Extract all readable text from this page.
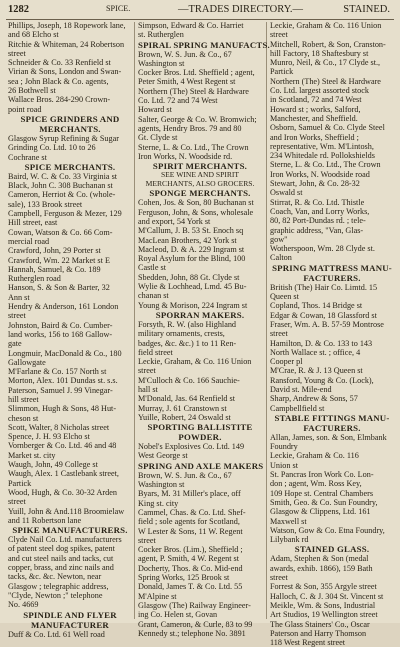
1282	SPICE.	—TRADES DIRECTORY.—	STAINED.

Phillips, Joseph, 18 Ropework lane,

and 68 Elcho st

Ritchie & Whiteman, 24 Robertson

street

Schneider & Co. 33 Renfield st

Virian & Sons, London and Swan-

sea ; John Black & Co. agents,

26 Bothwell st

Wallace Bros. 284-290 Crown-

point road

SPICE GRINDERS AND

MERCHANTS.

Glasgow Syrup Refining & Sugar

Grinding Co. Ltd. 10 to 26

Cochrane st

SPICE MERCHANTS.

Baird, W. C. & Co. 33 Virginia st

Black, John C. 308 Buchanan st

Cameron, Herriot & Co. (whole-

sale), 133 Brook street

Campbell, Ferguson & Mezer, 129

Hill street, east

Cowan, Watson & Co. 66 Com-

mercial road

Crawford, John, 29 Porter st

Crawford, Wm. 22 Market st E

Hannah, Samuel, & Co. 189

Rutherglen road

Hanson, S. & Son & Barter, 32

Ann st

Hendry & Anderson, 161 London

street

Johnston, Baird & Co. Cumber-

land works, 156 to 168 Gallow-

gate

Longmuir, MacDonald & Co., 180

Gallowgate

M'Farlane & Co. 157 North st

Morton, Alex. 101 Dundas st. s.s.

Paterson, Samuel J. 99 Vinegar-

hill street

Slimmon, Hugh & Sons, 48 Hut-

cheson st

Scott, Walter, 8 Nicholas street

Spence, J. H. 93 Elcho st

Vornberger & Co. Ltd. 46 and 48

Market st. city

Waugh, John, 49 College st

Waugh, Alex. 1 Castlebank street,

Partick

Wood, Hugh, & Co. 30-32 Arden

street

Yuill, John & And.118 Broomielaw

and 11 Robertson lane

SPIKE MANUFACTURERS.

Clyde Nail Co. Ltd. manufacturers

of patent steel dog spikes, patent

and cut steel nails and tacks, cut

copper, brass, and zinc nails and

tacks, &c. &c. Newton, near

Glasgow ; telegraphic address,

"Clyde, Newton ;" telephone

No. 4669

SPINDLE AND FLYER

MANUFACTURER

Duff & Co. Ltd. 61 Well road

Simpson, Edward & Co. Harriet

st. Rutherglen

SPIRAL SPRING MANUFACTS.

Brown, W. S. Jun. & Co., 67

Washington st

Cocker Bros. Ltd. Sheffield ; agent,

Peter Smith, 4 West Regent st

Northern (The) Steel & Hardware

Co. Ltd. 72 and 74 West

Howard st

Salter, George & Co. W. Bromwich;

agents, Hendry Bros. 79 and 80

Gt. Clyde st

Sterne, L. & Co. Ltd., The Crown

Iron Works, N. Woodside rd.

SPIRIT MERCHANTS.

SEE WINE AND SPIRIT

MERCHANTS, ALSO GROCERS.

SPONGE MERCHANTS.

Cohen, Jos. & Son, 80 Buchanan st

Ferguson, John, & Sons, wholesale

and export, 54 York st

M'Callum, J. B. 53 St. Enoch sq

MacLean Brothers, 42 York st

Macleod, D. & A. 229 Ingram st

Royal Asylum for the Blind, 100

Castle st

Sbedden, John, 88 Gt. Clyde st

Wylie & Lochhead, Lmd. 45 Bu-

chanan st

Young & Morison, 224 Ingram st

SPORRAN MAKERS.

Forsyth, R. W. (also Highland

military ornaments, crests,

badges, &c. &c.) 1 to 11 Ren-

field street

Leckie, Graham, & Co. 116 Union

street

M'Culloch & Co. 166 Sauchie-

hall st

M'Donald, Jas. 64 Renfield st

Murray, J. 61 Cranstown st

Yuille, Robert, 24 Oswald st

SPORTING BALLISTITE

POWDER.

Nobel's Explosives Co. Ltd. 149

West George st

SPRING AND AXLE MAKERS

Brown, W. S. Jun. & Co., 67

Washington st

Byars, M. 31 Miller's place, off

King st. city

Cammel, Chas. & Co. Ltd. Shef-

field ; sole agents for Scotland,

W Lester & Sons, 11 W. Regent

street

Cocker Bros. (Lim.), Sheffield ;

agent, P. Smith, 4 W. Regent st

Docherty, Thos. & Co. Mid-end

Spring Works, 125 Brook st

Donald, James T. & Co. Ltd. 55

M'Alpine st

Glasgow (The) Railway Engineer-

ing Co. Helen st, Govan

Grant, Cameron, & Curle, 83 to 99

Kennedy st.; telephone No. 3891

Leckie, Graham & Co. 116 Union

street

Mitchell, Robert, & Son, Cranston-

hill Factory, 18 Shaftesbury st

Munro, Neil, & Co., 17 Clyde st.,

Partick

Northern (The) Steel & Hardware

Co. Ltd. largest assorted stock

in Scotland, 72 and 74 West

Howard st ; works, Salford,

Manchester, and Sheffield.

Osborn, Samuel & Co. Clyde Steel

and Iron Works, Sheffield ;

representative, Wm. M'Lintosh,

234 Whitedale rd. Pollokshields

Sterne, L. & Co. Ltd., The Crown

Iron Works, N. Woodside road

Stewart, John, & Co. 28-32

Oswald st

Stirrat, R. & Co. Ltd. Thistle

Coach, Van, and Lorry Works,

80, 82 Port-Dundas rd. ; tele-

graphic address, "Van, Glas-

gow"

Wotherspoon, Wm. 28 Clyde st.

Calton

SPRING MATTRESS MANU-

FACTURERS.

British (The) Hair Co. Limtd. 15

Queen st

Copland, Thos. 14 Bridge st

Edgar & Cowan, 18 Glassford st

Fraser, Wm. A. B. 57-59 Montrose

street

Hamilton, D. & Co. 133 to 143

North Wallace st. ; office, 4

Cooper pl

M'Crae, R. & J. 13 Queen st

Ransford, Young & Co. (Lock),

David st. Mile-end

Sharp, Andrew & Sons, 57

Campbellfield st

STABLE FITTINGS MANU-

FACTURERS.

Allan, James, son. & Son, Elmbank

Foundry

Leckie, Graham & Co. 116

Union st

St. Pancras Iron Work Co. Lon-

don ; agent, Wm. Ross Key,

109 Hope st. Central Chambers

Smith, Geo. & Co. Sun Foundry,

Glasgow & Clippens, Ltd. 161

Maxwell st

Watson, Gow & Co. Etna Foundry,

Lilybank rd

STAINED GLASS.

Adam, Stephen & Son (medal

awards, exhib. 1866), 159 Bath

street

Forrest & Son, 355 Argyle street

Halloch, C. & J. 304 St. Vincent st

Meikle, Wm. & Sons, Industrial

Art Studios, 19 Wellington street

The Glass Stainers' Co., Oscar

Paterson and Harry Thomson

118 West Regent street
